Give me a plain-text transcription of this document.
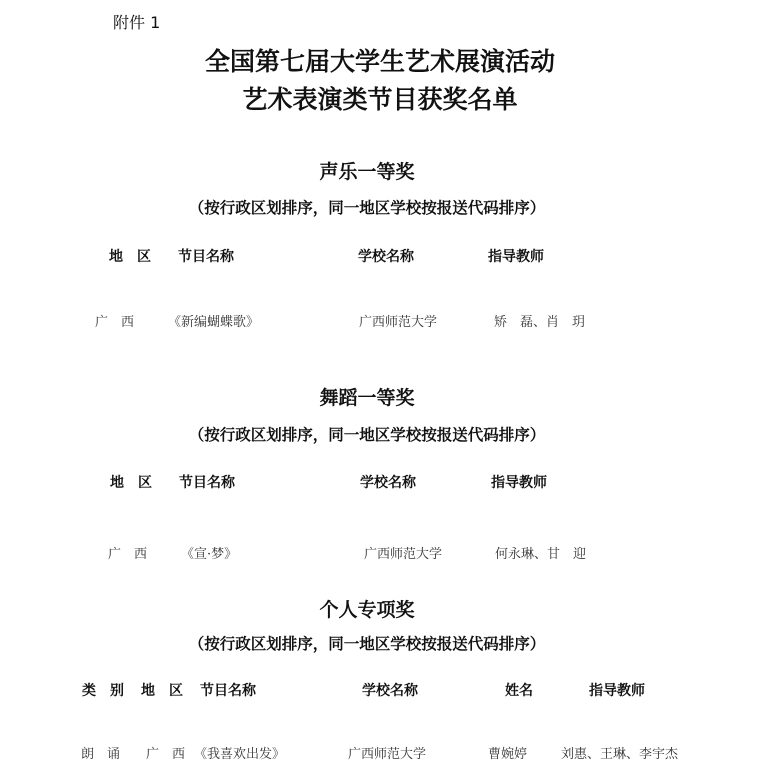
附件 1
全国第七届大学生艺术展演活动
艺术表演类节目获奖名单
声乐一等奖
（按行政区划排序，同一地区学校按报送代码排序）
地　区 节目名称	学校名称	指导教师
广　西	《新编蝴蝶歌》	广西师范大学	矫　磊、肖　玥
舞蹈一等奖
（按行政区划排序，同一地区学校按报送代码排序）
地　区 节目名称	学校名称	指导教师
广　西	《宣·梦》	广西师范大学	何永琳、甘　迎
个人专项奖
（按行政区划排序，同一地区学校按报送代码排序）
类　别 地　区 节目名称	学校名称	姓名	指导教师
朗　诵 广　西 《我喜欢出发》	广西师范大学	曹婉婷	刘惠、王琳、李宇杰
